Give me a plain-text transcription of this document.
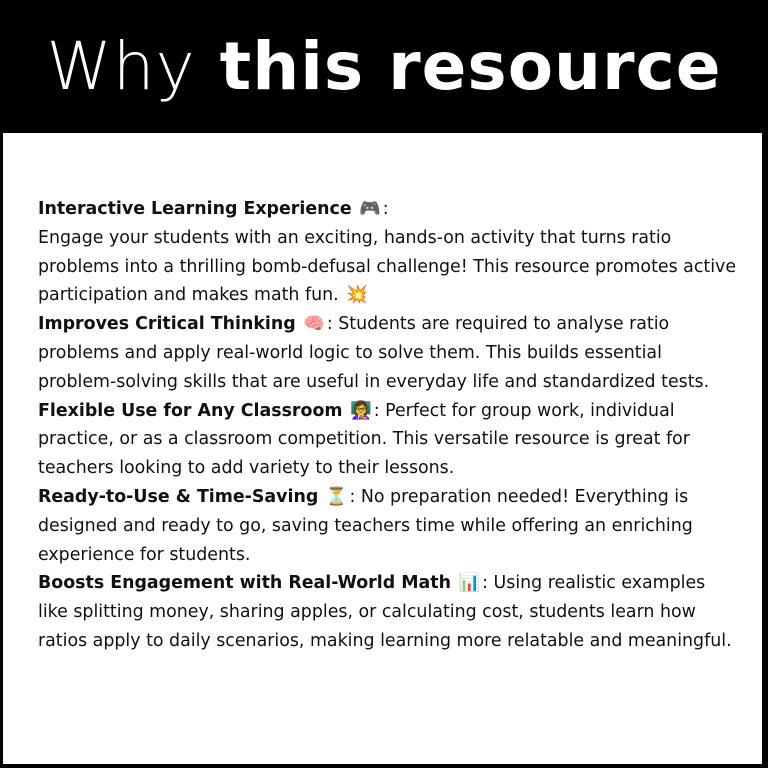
Why this resource

Interactive Learning Experience 🎮 :

Engage your students with an exciting, hands-on activity that turns ratio problems into a thrilling bomb-defusal challenge! This resource promotes active participation and makes math fun. 💥

Improves Critical Thinking 🧠 : Students are required to analyse ratio problems and apply real-world logic to solve them. This builds essential problem-solving skills that are useful in everyday life and standardized tests.

Flexible Use for Any Classroom 👩‍🏫 : Perfect for group work, individual practice, or as a classroom competition. This versatile resource is great for teachers looking to add variety to their lessons.

Ready-to-Use & Time-Saving ⏳ : No preparation needed! Everything is designed and ready to go, saving teachers time while offering an enriching experience for students.

Boosts Engagement with Real-World Math 📊 : Using realistic examples like splitting money, sharing apples, or calculating cost, students learn how ratios apply to daily scenarios, making learning more relatable and meaningful.
